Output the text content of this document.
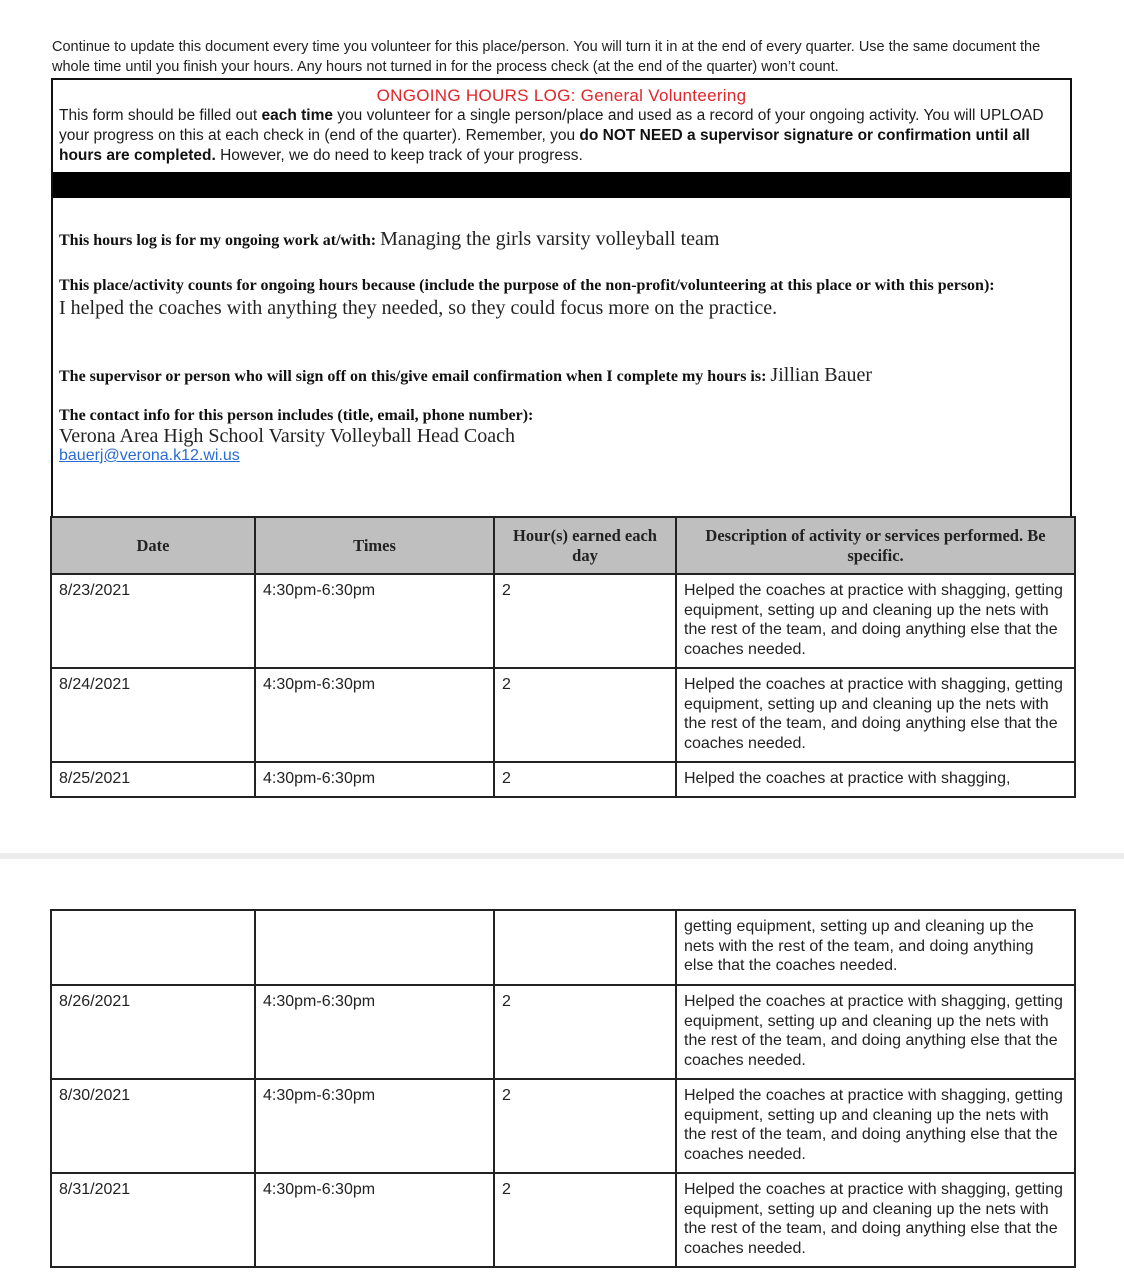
Continue to update this document every time you volunteer for this place/person. You will turn it in at the end of every quarter. Use the same document the whole time until you finish your hours. Any hours not turned in for the process check (at the end of the quarter) won’t count.
ONGOING HOURS LOG: General Volunteering
This form should be filled out each time you volunteer for a single person/place and used as a record of your ongoing activity. You will UPLOAD your progress on this at each check in (end of the quarter). Remember, you do NOT NEED a supervisor signature or confirmation until all hours are completed. However, we do need to keep track of your progress.
This hours log is for my ongoing work at/with: Managing the girls varsity volleyball team
This place/activity counts for ongoing hours because (include the purpose of the non-profit/volunteering at this place or with this person):
I helped the coaches with anything they needed, so they could focus more on the practice.
The supervisor or person who will sign off on this/give email confirmation when I complete my hours is: Jillian Bauer
The contact info for this person includes (title, email, phone number):
Verona Area High School Varsity Volleyball Head Coach
bauerj@verona.k12.wi.us
Date	Times	Hour(s) earned each day	Description of activity or services performed. Be specific.
8/23/2021	4:30pm-6:30pm	2	Helped the coaches at practice with shagging, getting equipment, setting up and cleaning up the nets with the rest of the team, and doing anything else that the coaches needed.
8/24/2021	4:30pm-6:30pm	2	Helped the coaches at practice with shagging, getting equipment, setting up and cleaning up the nets with the rest of the team, and doing anything else that the coaches needed.
8/25/2021	4:30pm-6:30pm	2	Helped the coaches at practice with shagging,
			getting equipment, setting up and cleaning up the nets with the rest of the team, and doing anything else that the coaches needed.
8/26/2021	4:30pm-6:30pm	2	Helped the coaches at practice with shagging, getting equipment, setting up and cleaning up the nets with the rest of the team, and doing anything else that the coaches needed.
8/30/2021	4:30pm-6:30pm	2	Helped the coaches at practice with shagging, getting equipment, setting up and cleaning up the nets with the rest of the team, and doing anything else that the coaches needed.
8/31/2021	4:30pm-6:30pm	2	Helped the coaches at practice with shagging, getting equipment, setting up and cleaning up the nets with the rest of the team, and doing anything else that the coaches needed.
